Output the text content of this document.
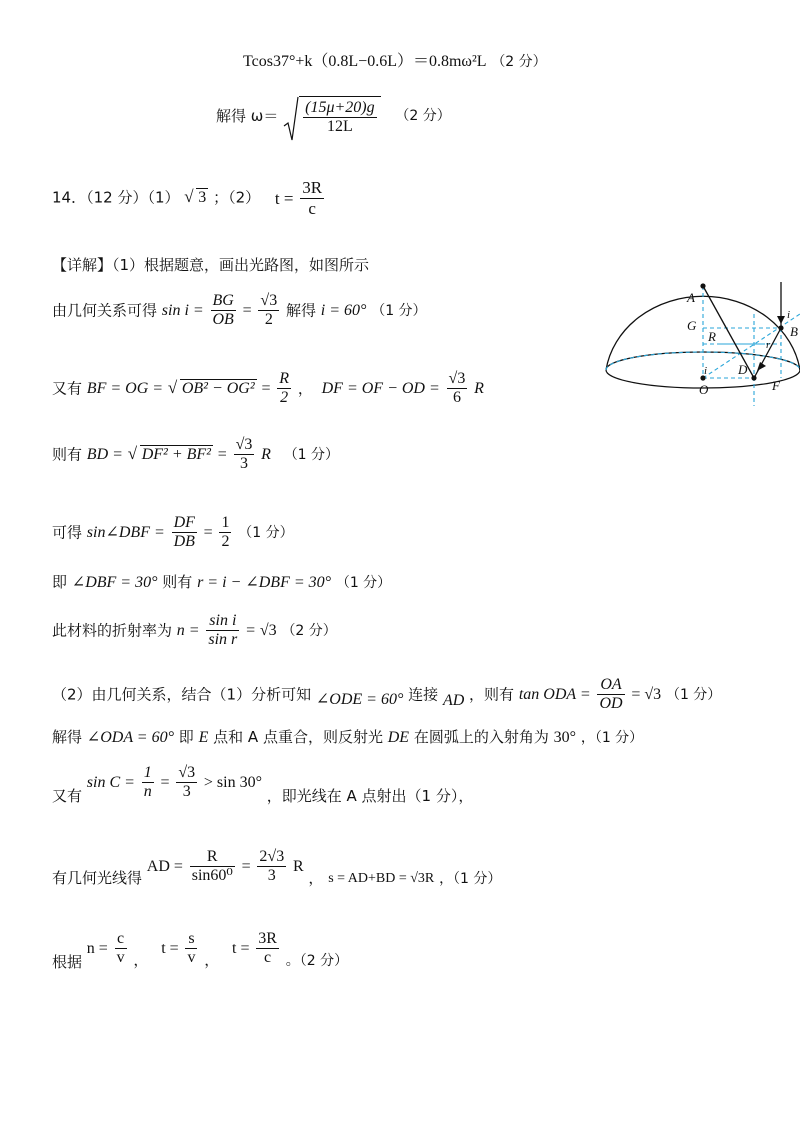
Tcos37°+k（0.8L−0.6L）＝0.8mω²L （2 分）
解得 $\omega= \frac{(15\mu+20)g}{12L} (2$ 分）
14．（12 分）（1） √ 3 ；（2） $t = \frac{3R}{c}$
【详解】（1）根据题意，画出光路图，如图所示
由几何关系可得 $\sin i = \frac{BG}{OB} = \frac{√3}{2}$ 解得 i = 60° （1 分）
又有 BF = OG = √ $OB^2 - OG^2 = \frac{R}{2}$ ， DF = OF − OD = $\frac{√3}{6}$ R
则有 BD = √ $DF^2 + BF^2 = \frac{√3}{3}$ R （1 分）
可得 sin∠DBF = $\frac{DF}{DB} = \frac{1}{2} (1$ 分）
即 ∠DBF = 30° 则有 r = i − ∠DBF = 30° （1 分）
此材料的折射率为 $n = \frac{\text{sin i}}{\text{sin r}} = √3$ （2 分）
（2）由几何关系，结合（1）分析可知 ∠ODE = 60° 连接 AD ，则有 tan ODA = $\frac{OA}{OD} = √3$ （1 分）
解得 ∠ODA = 60° 即 E 点和 A 点重合，则反射光 DE 在圆弧上的入射角为 30° ，（1 分）
又有 $\sin C = \frac{1}{n} = \frac{√3}{3} > \sin 30^\circ$ ，即光线在 A 点射出（1 分），
有几何光线得 AD = $\frac{R}{\text{sin60⁰}} = \frac{2√3}{3}$ R ， s = AD+BD = √3R ，（1 分）
根据 $n = \frac{c}{v}$ ， $t = \frac{s}{v}$ ， $t = \frac{3R}{c}$ 。（2 分）
A
G
R
O
D
F
B
i
r
i
